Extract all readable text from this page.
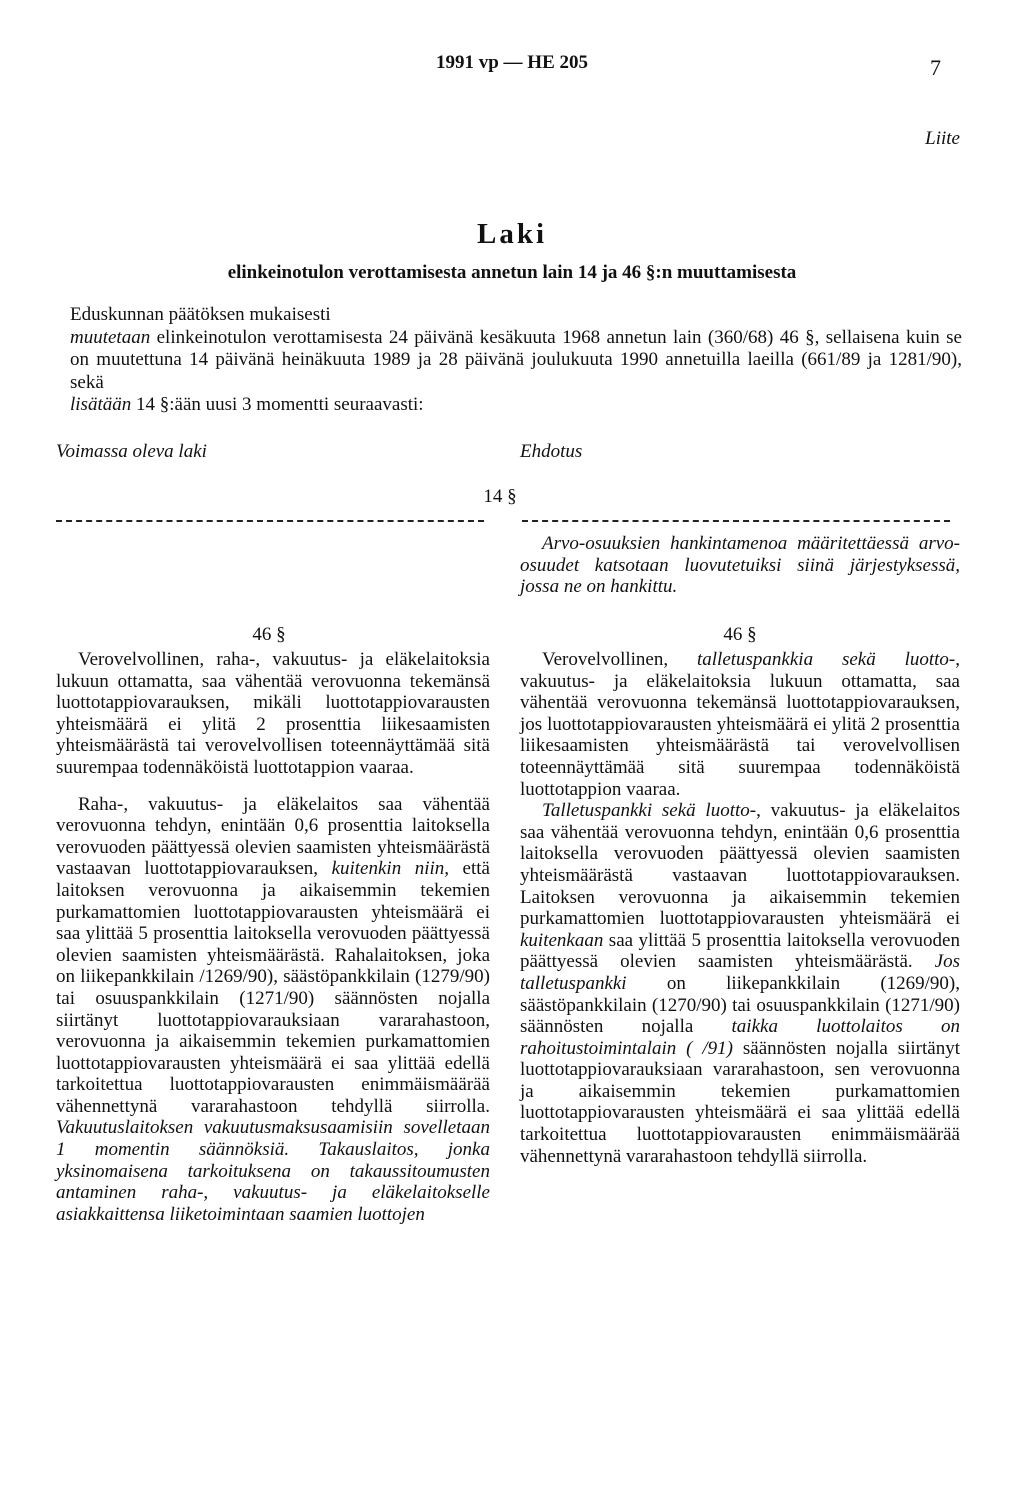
1991 vp — HE 205	7
Liite
Laki
elinkeinotulon verottamisesta annetun lain 14 ja 46 §:n muuttamisesta

Eduskunnan päätöksen mukaisesti

muutetaan elinkeinotulon verottamisesta 24 päivänä kesäkuuta 1968 annetun lain (360/68) 46 §, sellaisena kuin se on muutettuna 14 päivänä heinäkuuta 1989 ja 28 päivänä joulukuuta 1990 annetuilla laeilla (661/89 ja 1281/90), sekä

lisätään 14 §:ään uusi 3 momentti seuraavasti:

Voimassa oleva laki	Ehdotus
14 §

Arvo-osuuksien hankintamenoa määritettäessä arvo-osuudet katsotaan luovutetuiksi siinä järjestyksessä, jossa ne on hankittu.

46 §

Verovelvollinen, raha-, vakuutus- ja eläkelaitoksia lukuun ottamatta, saa vähentää verovuonna tekemänsä luottotappiovarauksen, mikäli luottotappiovarausten yhteismäärä ei ylitä 2 prosenttia liikesaamisten yhteismäärästä tai verovelvollisen toteennäyttämää sitä suurempaa todennäköistä luottotappion vaaraa.

Raha-, vakuutus- ja eläkelaitos saa vähentää verovuonna tehdyn, enintään 0,6 prosenttia laitoksella verovuoden päättyessä olevien saamisten yhteismäärästä vastaavan luottotappiovarauksen, kuitenkin niin, että laitoksen verovuonna ja aikaisemmin tekemien purkamattomien luottotappiovarausten yhteismäärä ei saa ylittää 5 prosenttia laitoksella verovuoden päättyessä olevien saamisten yhteismäärästä. Rahalaitoksen, joka on liikepankkilain /1269/90), säästöpankkilain (1279/90) tai osuuspankkilain (1271/90) säännösten nojalla siirtänyt luottotappiovarauksiaan vararahastoon, verovuonna ja aikaisemmin tekemien purkamattomien luottotappiovarausten yhteismäärä ei saa ylittää edellä tarkoitettua luottotappiovarausten enimmäismäärää vähennettynä vararahastoon tehdyllä siirrolla. Vakuutuslaitoksen vakuutusmaksusaamisiin sovelletaan 1 momentin säännöksiä. Takauslaitos, jonka yksinomaisena tarkoituksena on takaussitoumusten antaminen raha-, vakuutus- ja eläkelaitokselle asiakkaittensa liiketoimintaan saamien luottojen

46 §

Verovelvollinen, talletuspankkia sekä luotto-, vakuutus- ja eläkelaitoksia lukuun ottamatta, saa vähentää verovuonna tekemänsä luottotappiovarauksen, jos luottotappiovarausten yhteismäärä ei ylitä 2 prosenttia liikesaamisten yhteismäärästä tai verovelvollisen toteennäyttämää sitä suurempaa todennäköistä luottotappion vaaraa.

Talletuspankki sekä luotto-, vakuutus- ja eläkelaitos saa vähentää verovuonna tehdyn, enintään 0,6 prosenttia laitoksella verovuoden päättyessä olevien saamisten yhteismäärästä vastaavan luottotappiovarauksen. Laitoksen verovuonna ja aikaisemmin tekemien purkamattomien luottotappiovarausten yhteismäärä ei kuitenkaan saa ylittää 5 prosenttia laitoksella verovuoden päättyessä olevien saamisten yhteismäärästä. Jos talletuspankki on liikepankkilain (1269/90), säästöpankkilain (1270/90) tai osuuspankkilain (1271/90) säännösten nojalla taikka luottolaitos on rahoitustoimintalain ( /91) säännösten nojalla siirtänyt luottotappiovarauksiaan vararahastoon, sen verovuonna ja aikaisemmin tekemien purkamattomien luottotappiovarausten yhteismäärä ei saa ylittää edellä tarkoitettua luottotappiovarausten enimmäismäärää vähennettynä vararahastoon tehdyllä siirrolla.
